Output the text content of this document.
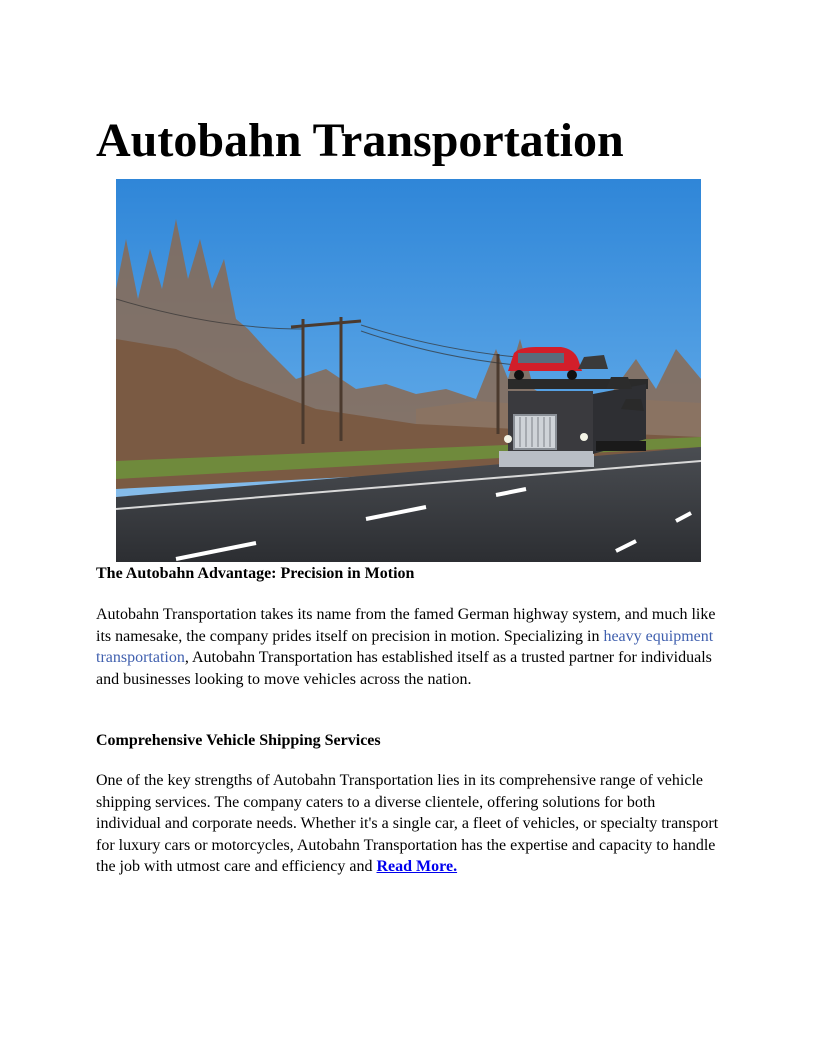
Autobahn Transportation
The Autobahn Advantage: Precision in Motion

Autobahn Transportation takes its name from the famed German highway system, and much like its namesake, the company prides itself on precision in motion. Specializing in heavy equipment transportation, Autobahn Transportation has established itself as a trusted partner for individuals and businesses looking to move vehicles across the nation.

Comprehensive Vehicle Shipping Services

One of the key strengths of Autobahn Transportation lies in its comprehensive range of vehicle shipping services. The company caters to a diverse clientele, offering solutions for both individual and corporate needs. Whether it's a single car, a fleet of vehicles, or specialty transport for luxury cars or motorcycles, Autobahn Transportation has the expertise and capacity to handle the job with utmost care and efficiency and Read More.
